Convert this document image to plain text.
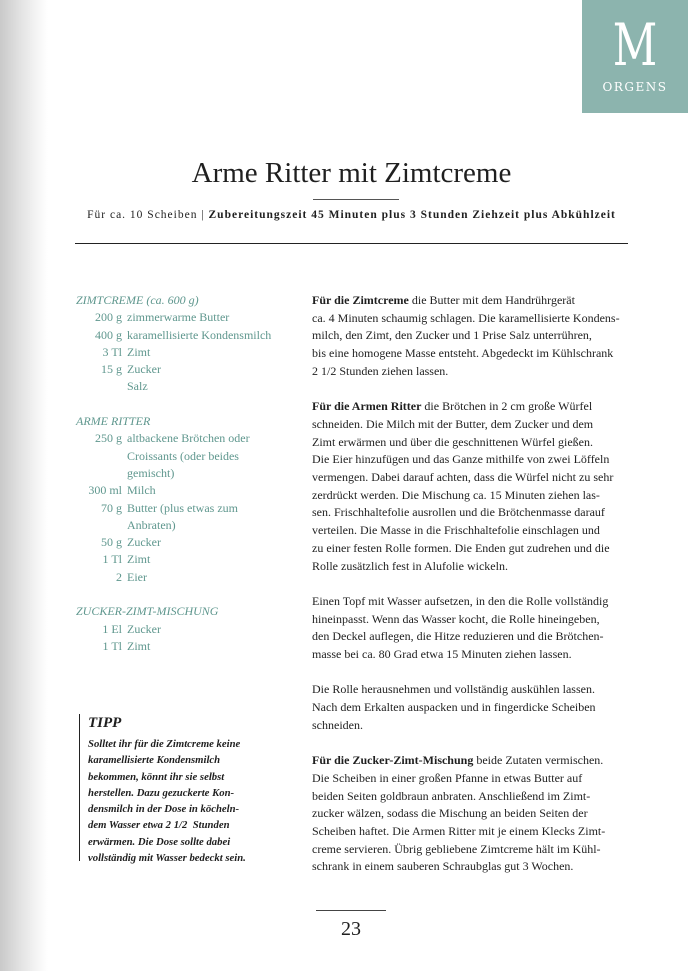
M
ORGENS
Arme Ritter mit Zimtcreme
Für ca. 10 Scheiben | Zubereitungszeit 45 Minuten plus 3 Stunden Ziehzeit plus Abkühlzeit
ZIMTCREME (ca. 600 g)
200 g zimmerwarme Butter
400 g karamellisierte Kondensmilch
3 Tl Zimt
15 g Zucker
Salz
ARME RITTER
250 g altbackene Brötchen oder
Croissants (oder beides
gemischt)
300 ml Milch
70 g Butter (plus etwas zum
Anbraten)
50 g Zucker
1 Tl Zimt
2 Eier
ZUCKER-ZIMT-MISCHUNG
1 El Zucker
1 Tl Zimt
TIPP
Solltet ihr für die Zimtcreme keine
karamellisierte Kondensmilch
bekommen, könnt ihr sie selbst
herstellen. Dazu gezuckerte Kon-
densmilch in der Dose in köcheln-
dem Wasser etwa 2 1/2  Stunden
erwärmen. Die Dose sollte dabei
vollständig mit Wasser bedeckt sein.

Für die Zimtcreme die Butter mit dem Handrührgerät
ca. 4 Minuten schaumig schlagen. Die karamellisierte Kondens-
milch, den Zimt, den Zucker und 1 Prise Salz unterrühren,
bis eine homogene Masse entsteht. Abgedeckt im Kühlschrank
2 1/2 Stunden ziehen lassen.

Für die Armen Ritter die Brötchen in 2 cm große Würfel
schneiden. Die Milch mit der Butter, dem Zucker und dem
Zimt erwärmen und über die geschnittenen Würfel gießen.
Die Eier hinzufügen und das Ganze mithilfe von zwei Löffeln
vermengen. Dabei darauf achten, dass die Würfel nicht zu sehr
zerdrückt werden. Die Mischung ca. 15 Minuten ziehen las-
sen. Frischhaltefolie ausrollen und die Brötchenmasse darauf
verteilen. Die Masse in die Frischhaltefolie einschlagen und
zu einer festen Rolle formen. Die Enden gut zudrehen und die
Rolle zusätzlich fest in Alufolie wickeln.

Einen Topf mit Wasser aufsetzen, in den die Rolle vollständig
hineinpasst. Wenn das Wasser kocht, die Rolle hineingeben,
den Deckel auflegen, die Hitze reduzieren und die Brötchen-
masse bei ca. 80 Grad etwa 15 Minuten ziehen lassen.

Die Rolle herausnehmen und vollständig auskühlen lassen.
Nach dem Erkalten auspacken und in fingerdicke Scheiben
schneiden.

Für die Zucker-Zimt-Mischung beide Zutaten vermischen.
Die Scheiben in einer großen Pfanne in etwas Butter auf
beiden Seiten goldbraun anbraten. Anschließend im Zimt-
zucker wälzen, sodass die Mischung an beiden Seiten der
Scheiben haftet. Die Armen Ritter mit je einem Klecks Zimt-
creme servieren. Übrig gebliebene Zimtcreme hält im Kühl-
schrank in einem sauberen Schraubglas gut 3 Wochen.

23
